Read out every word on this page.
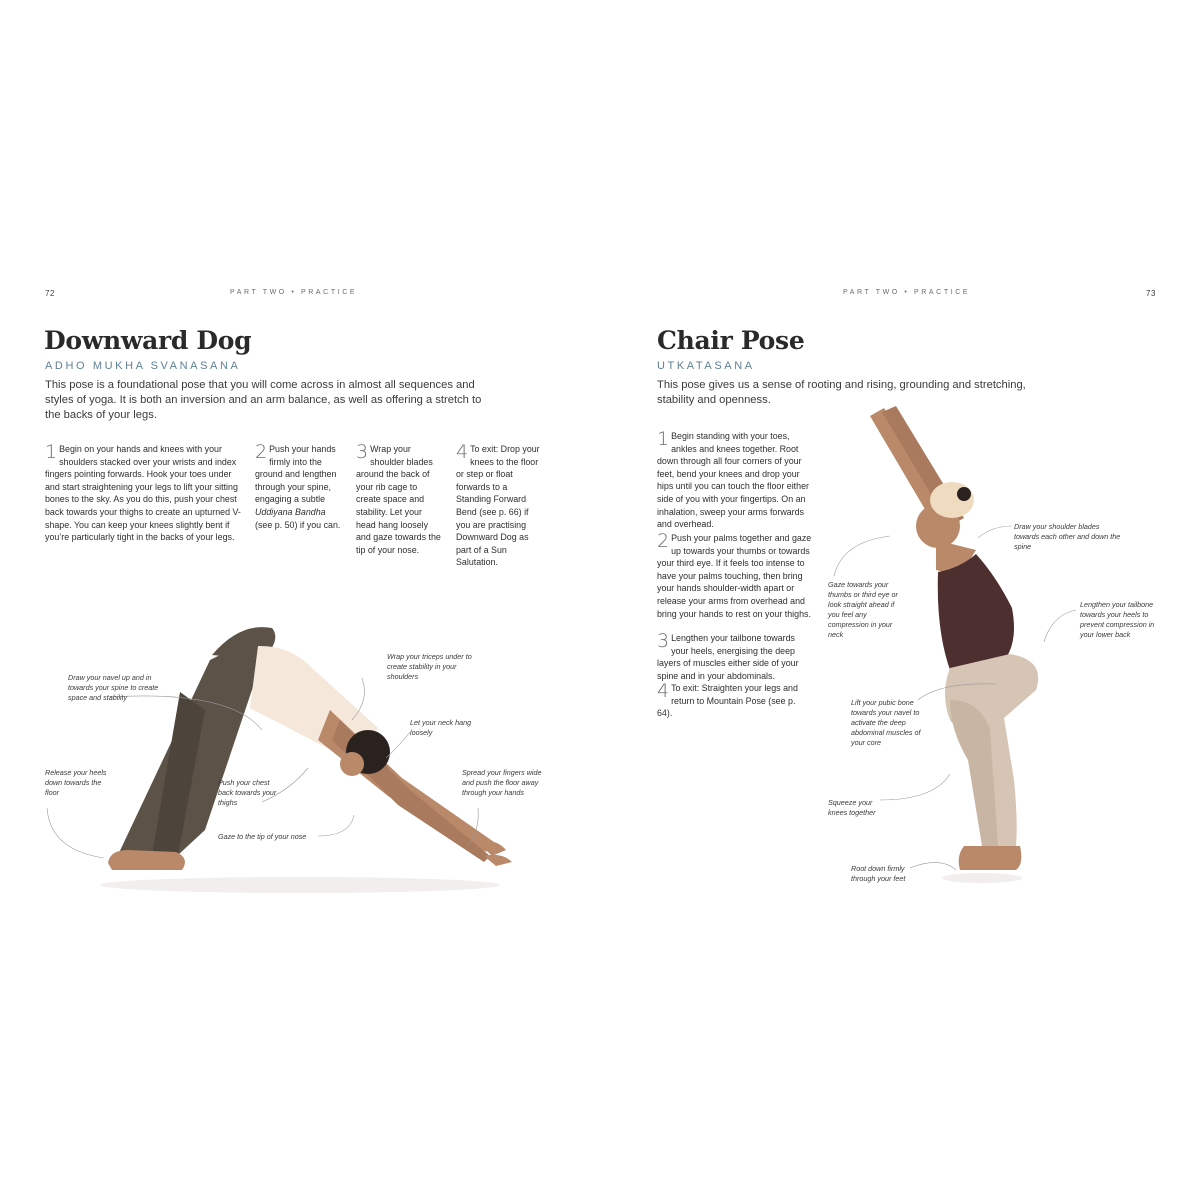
72	PART TWO • PRACTICE
Downward Dog
ADHO MUKHA SVANASANA
This pose is a foundational pose that you will come across in almost all sequences and styles of yoga. It is both an inversion and an arm balance, as well as offering a stretch to the backs of your legs.
1 Begin on your hands and knees with your shoulders stacked over your wrists and index fingers pointing forwards. Hook your toes under and start straightening your legs to lift your sitting bones to the sky. As you do this, push your chest back towards your thighs to create an upturned V-shape. You can keep your knees slightly bent if you’re particularly tight in the backs of your legs.
2 Push your hands firmly into the ground and lengthen through your spine, engaging a subtle Uddiyana Bandha (see p. 50) if you can.
3 Wrap your shoulder blades around the back of your rib cage to create space and stability. Let your head hang loosely and gaze towards the tip of your nose.
4 To exit: Drop your knees to the floor or step or float forwards to a Standing Forward Bend (see p. 66) if you are practising Downward Dog as part of a Sun Salutation.
Draw your navel up and in towards your spine to create space and stability
Wrap your triceps under to create stability in your shoulders
Let your neck hang loosely
Release your heels down towards the floor
Push your chest back towards your thighs
Spread your fingers wide and push the floor away through your hands
Gaze to the tip of your nose
PART TWO • PRACTICE	73
Chair Pose
UTKATASANA
This pose gives us a sense of rooting and rising, grounding and stretching, stability and openness.
1 Begin standing with your toes, ankles and knees together. Root down through all four corners of your feet, bend your knees and drop your hips until you can touch the floor either side of you with your fingertips. On an inhalation, sweep your arms forwards and overhead.
2 Push your palms together and gaze up towards your thumbs or towards your third eye. If it feels too intense to have your palms touching, then bring your hands shoulder-width apart or release your arms from overhead and bring your hands to rest on your thighs.
3 Lengthen your tailbone towards your heels, energising the deep layers of muscles either side of your spine and in your abdominals.
4 To exit: Straighten your legs and return to Mountain Pose (see p. 64).
Draw your shoulder blades towards each other and down the spine
Gaze towards your thumbs or third eye or look straight ahead if you feel any compression in your neck
Lengthen your tailbone towards your heels to prevent compression in your lower back
Lift your pubic bone towards your navel to activate the deep abdominal muscles of your core
Squeeze your knees together
Root down firmly through your feet
